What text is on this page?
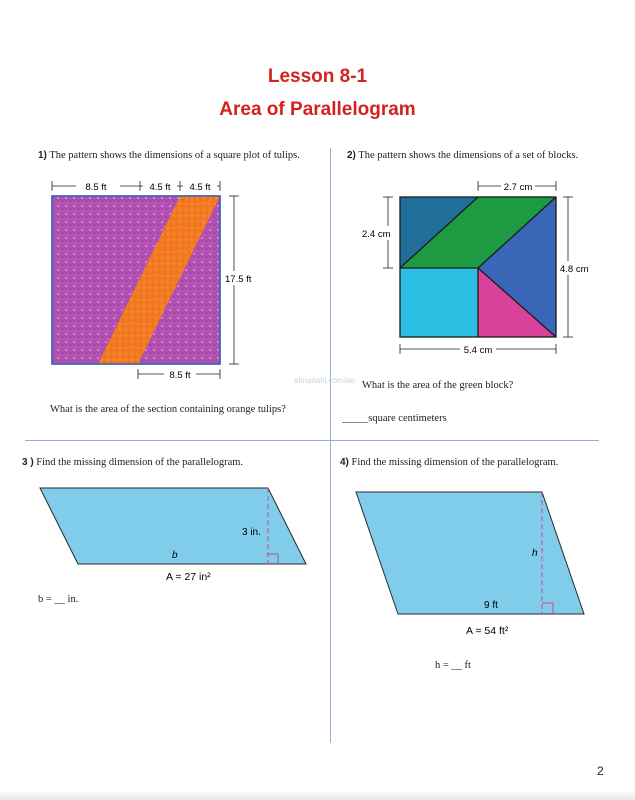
Lesson 8-1
Area of Parallelogram
1) The pattern shows the dimensions of a square plot of tulips.
8.5 ft	4.5 ft 4.5 ft
17.5 ft
8.5 ft
What is the area of the section containing orange tulips?
2) The pattern shows the dimensions of a set of blocks.
2.7 cm
2.4 cm
4.8 cm
5.4 cm
What is the area of the green block?
_____square centimeters
almanahj.com/ae
3 ) Find the missing dimension of the parallelogram.
3 in.
b
A = 27 in²
b = __ in.
4) Find the missing dimension of the parallelogram.
h
9 ft
A = 54 ft²
h = __ ft
2
